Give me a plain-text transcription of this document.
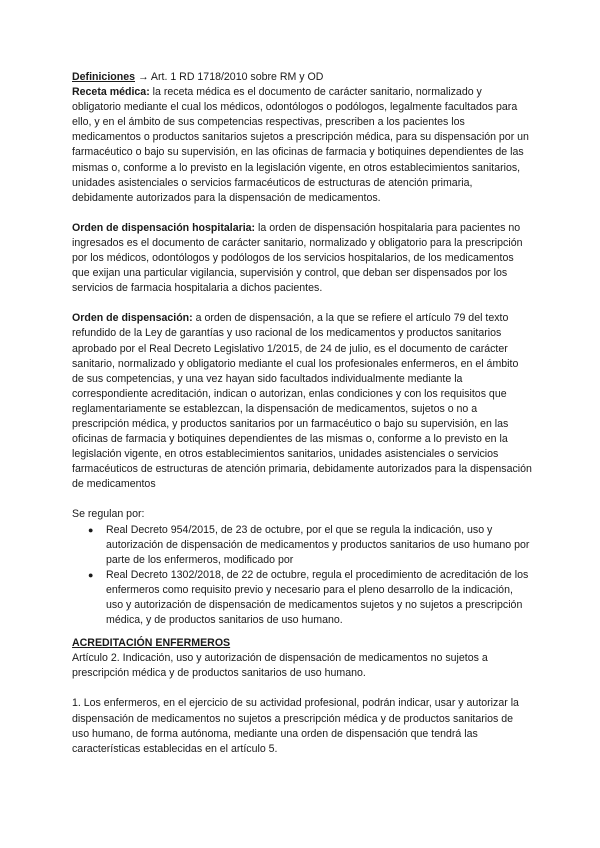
Definiciones → Art. 1 RD 1718/2010 sobre RM y OD

Receta médica: la receta médica es el documento de carácter sanitario, normalizado y obligatorio mediante el cual los médicos, odontólogos o podólogos, legalmente facultados para ello, y en el ámbito de sus competencias respectivas, prescriben a los pacientes los medicamentos o productos sanitarios sujetos a prescripción médica, para su dispensación por un farmacéutico o bajo su supervisión, en las oficinas de farmacia y botiquines dependientes de las mismas o, conforme a lo previsto en la legislación vigente, en otros establecimientos sanitarios, unidades asistenciales o servicios farmacéuticos de estructuras de atención primaria, debidamente autorizados para la dispensación de medicamentos.

Orden de dispensación hospitalaria: la orden de dispensación hospitalaria para pacientes no ingresados es el documento de carácter sanitario, normalizado y obligatorio para la prescripción por los médicos, odontólogos y podólogos de los servicios hospitalarios, de los medicamentos que exijan una particular vigilancia, supervisión y control, que deban ser dispensados por los servicios de farmacia hospitalaria a dichos pacientes.

Orden de dispensación: a orden de dispensación, a la que se refiere el artículo 79 del texto refundido de la Ley de garantías y uso racional de los medicamentos y productos sanitarios aprobado por el Real Decreto Legislativo 1/2015, de 24 de julio, es el documento de carácter sanitario, normalizado y obligatorio mediante el cual los profesionales enfermeros, en el ámbito de sus competencias, y una vez hayan sido facultados individualmente mediante la correspondiente acreditación, indican o autorizan, enlas condiciones y con los requisitos que reglamentariamente se establezcan, la dispensación de medicamentos, sujetos o no a prescripción médica, y productos sanitarios por un farmacéutico o bajo su supervisión, en las oficinas de farmacia y botiquines dependientes de las mismas o, conforme a lo previsto en la legislación vigente, en otros establecimientos sanitarios, unidades asistenciales o servicios farmacéuticos de estructuras de atención primaria, debidamente autorizados para la dispensación de medicamentos

Se regulan por:

● Real Decreto 954/2015, de 23 de octubre, por el que se regula la indicación, uso y autorización de dispensación de medicamentos y productos sanitarios de uso humano por parte de los enfermeros, modificado por
● Real Decreto 1302/2018, de 22 de octubre, regula el procedimiento de acreditación de los enfermeros como requisito previo y necesario para el pleno desarrollo de la indicación, uso y autorización de dispensación de medicamentos sujetos y no sujetos a prescripción médica, y de productos sanitarios de uso humano.

ACREDITACIÓN ENFERMEROS

Artículo 2. Indicación, uso y autorización de dispensación de medicamentos no sujetos a prescripción médica y de productos sanitarios de uso humano.

1. Los enfermeros, en el ejercicio de su actividad profesional, podrán indicar, usar y autorizar la dispensación de medicamentos no sujetos a prescripción médica y de productos sanitarios de uso humano, de forma autónoma, mediante una orden de dispensación que tendrá las características establecidas en el artículo 5.
